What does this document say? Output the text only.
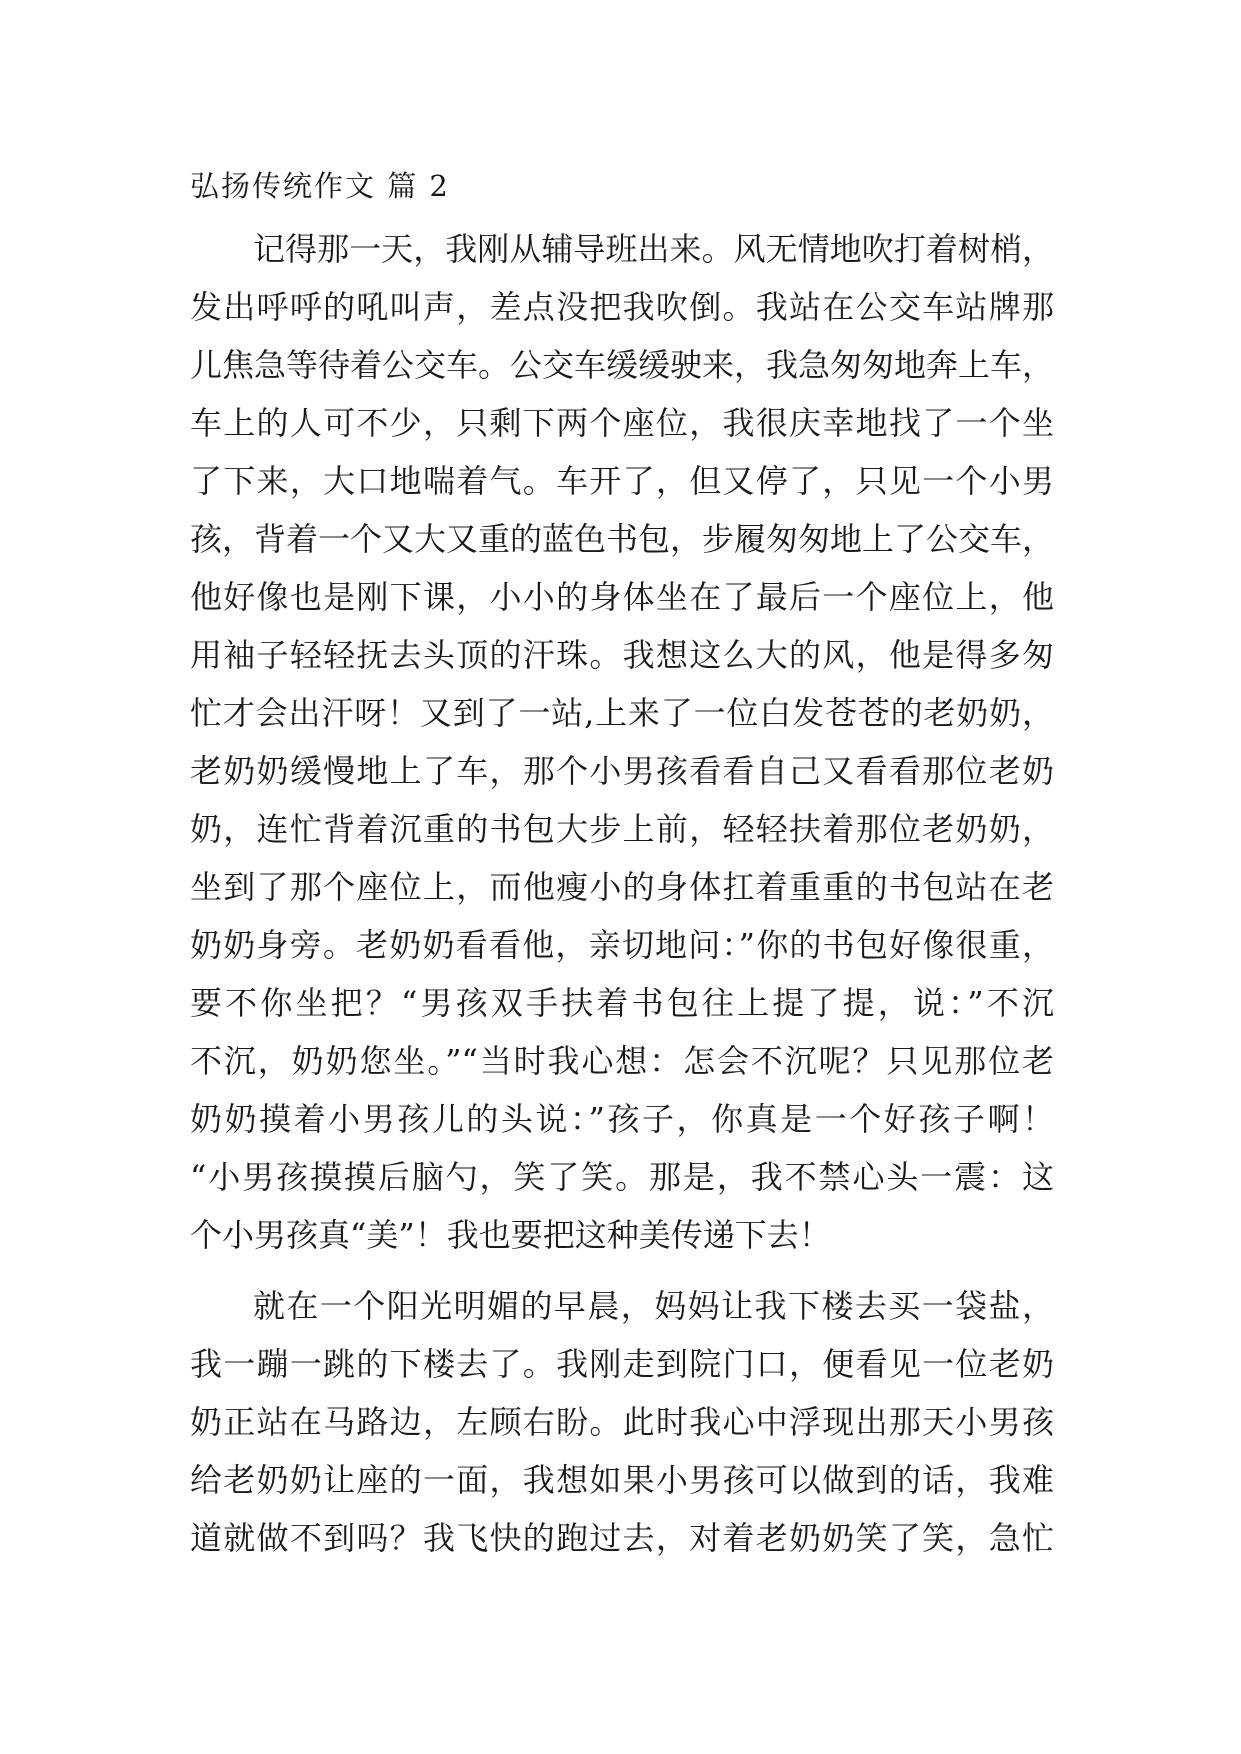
弘扬传统作文 篇 2
记得那一天，我刚从辅导班出来。风无情地吹打着树梢，
发出呼呼的吼叫声，差点没把我吹倒。我站在公交车站牌那
儿焦急等待着公交车。公交车缓缓驶来，我急匆匆地奔上车，
车上的人可不少，只剩下两个座位，我很庆幸地找了一个坐
了下来，大口地喘着气。车开了，但又停了，只见一个小男
孩，背着一个又大又重的蓝色书包，步履匆匆地上了公交车，
他好像也是刚下课，小小的身体坐在了最后一个座位上，他
用袖子轻轻抚去头顶的汗珠。我想这么大的风，他是得多匆
忙才会出汗呀！又到了一站,上来了一位白发苍苍的老奶奶，
老奶奶缓慢地上了车，那个小男孩看看自己又看看那位老奶
奶，连忙背着沉重的书包大步上前，轻轻扶着那位老奶奶，
坐到了那个座位上，而他瘦小的身体扛着重重的书包站在老
奶奶身旁。老奶奶看看他，亲切地问：”你的书包好像很重，
要不你坐把？“男孩双手扶着书包往上提了提，说：”不沉
不沉，奶奶您坐。”“当时我心想：怎会不沉呢？只见那位老
奶奶摸着小男孩儿的头说：”孩子，你真是一个好孩子啊！
“小男孩摸摸后脑勺，笑了笑。那是，我不禁心头一震：这
个小男孩真“美”！我也要把这种美传递下去！
就在一个阳光明媚的早晨，妈妈让我下楼去买一袋盐，
我一蹦一跳的下楼去了。我刚走到院门口，便看见一位老奶
奶正站在马路边，左顾右盼。此时我心中浮现出那天小男孩
给老奶奶让座的一面，我想如果小男孩可以做到的话，我难
道就做不到吗？我飞快的跑过去，对着老奶奶笑了笑，急忙
